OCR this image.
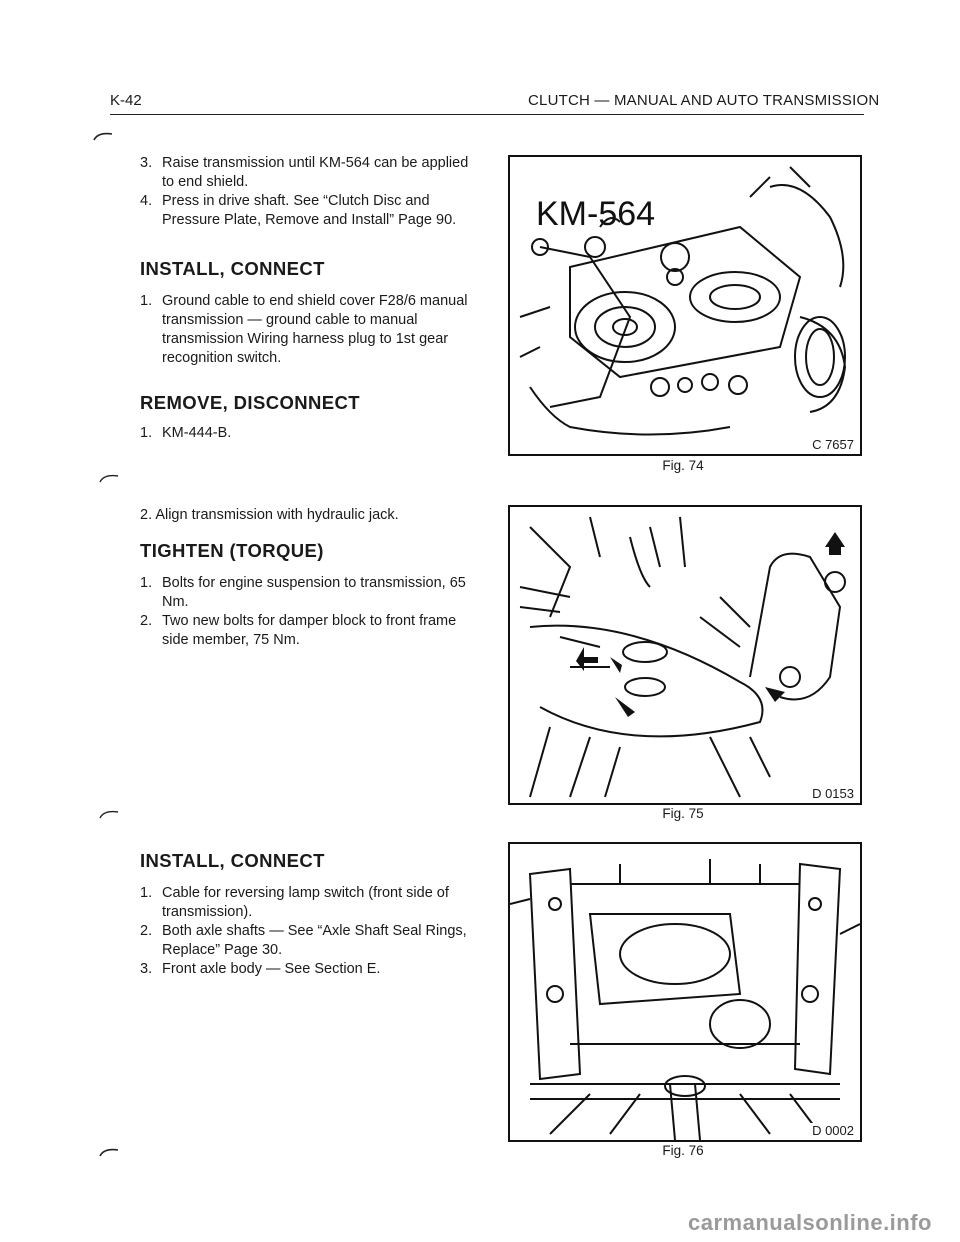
K-42	CLUTCH — MANUAL AND AUTO TRANSMISSION
3. Raise transmission until KM-564 can be applied to end shield.
4. Press in drive shaft. See “Clutch Disc and Pressure Plate, Remove and Install” Page 90.
INSTALL, CONNECT
1. Ground cable to end shield cover F28/6 manual transmission — ground cable to manual transmission Wiring harness plug to 1st gear recognition switch.
REMOVE, DISCONNECT
1. KM-444-B.
2. Align transmission with hydraulic jack.
TIGHTEN (TORQUE)
1. Bolts for engine suspension to transmission, 65 Nm.
2. Two new bolts for damper block to front frame side member, 75 Nm.
INSTALL, CONNECT
1. Cable for reversing lamp switch (front side of transmission).
2. Both axle shafts — See “Axle Shaft Seal Rings, Replace” Page 30.
3. Front axle body — See Section E.
KM-564
C 7657
Fig. 74
D 0153
Fig. 75
D 0002
Fig. 76
carmanualsonline.info
